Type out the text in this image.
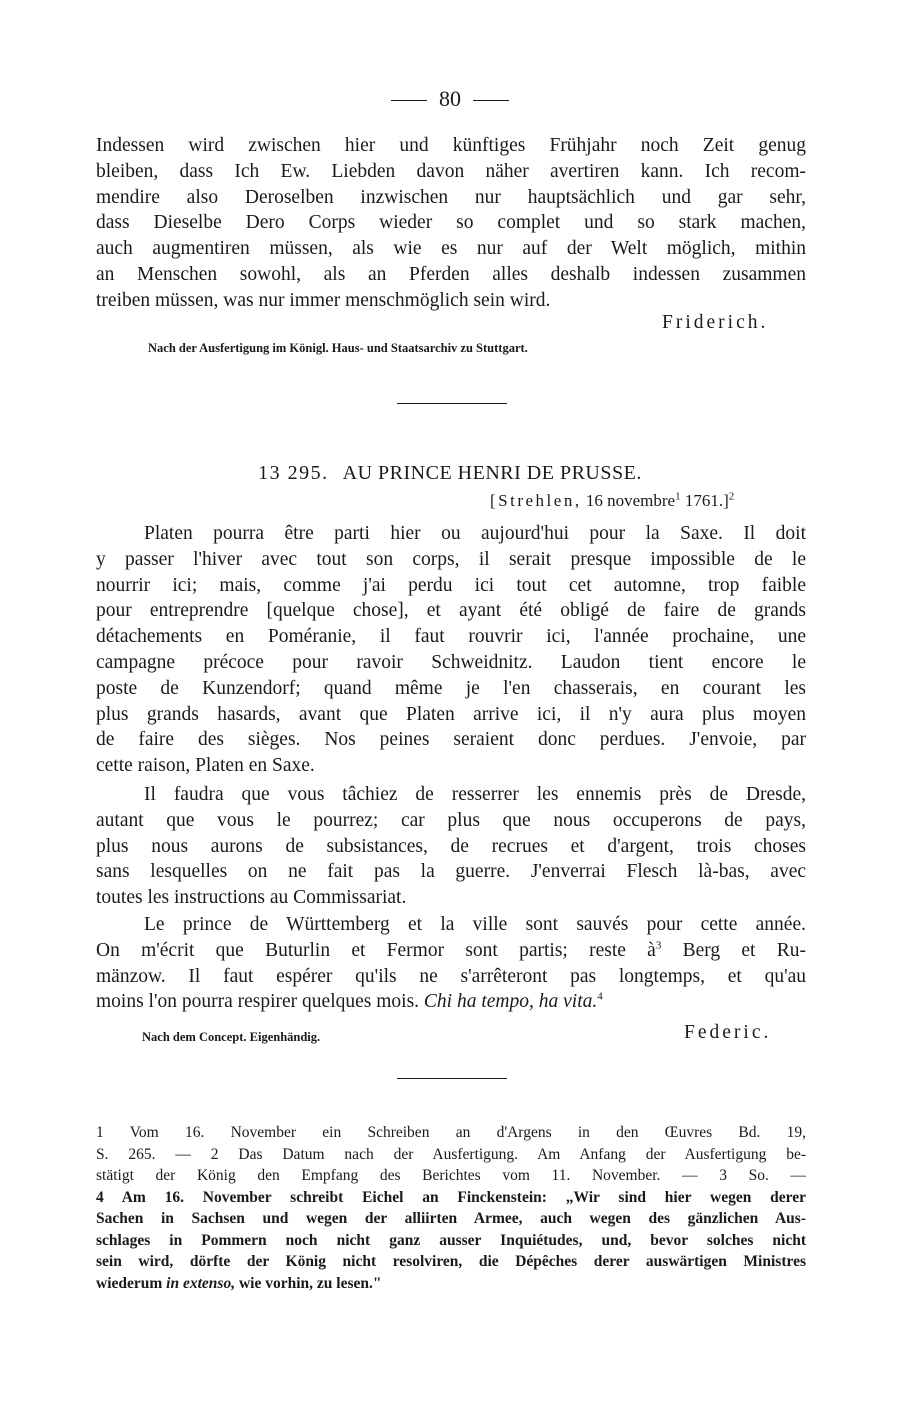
80
Indessen wird zwischen hier und künftiges Frühjahr noch Zeit genug
bleiben, dass Ich Ew. Liebden davon näher avertiren kann. Ich recom-
mendire also Deroselben inzwischen nur hauptsächlich und gar sehr,
dass Dieselbe Dero Corps wieder so complet und so stark machen,
auch augmentiren müssen, als wie es nur auf der Welt möglich, mithin
an Menschen sowohl, als an Pferden alles deshalb indessen zusammen
treiben müssen, was nur immer menschmöglich sein wird.
Friderich.
Nach der Ausfertigung im Königl. Haus- und Staatsarchiv zu Stuttgart.
13 295. AU PRINCE HENRI DE PRUSSE.
[Strehlen, 16 novembre$^1$ 1761.]$^2$
Platen pourra être parti hier ou aujourd'hui pour la Saxe. Il doit
y passer l'hiver avec tout son corps, il serait presque impossible de le
nourrir ici; mais, comme j'ai perdu ici tout cet automne, trop faible
pour entreprendre [quelque chose], et ayant été obligé de faire de grands
détachements en Poméranie, il faut rouvrir ici, l'année prochaine, une
campagne précoce pour ravoir Schweidnitz. Laudon tient encore le
poste de Kunzendorf; quand même je l'en chasserais, en courant les
plus grands hasards, avant que Platen arrive ici, il n'y aura plus moyen
de faire des sièges. Nos peines seraient donc perdues. J'envoie, par
cette raison, Platen en Saxe.
Il faudra que vous tâchiez de resserrer les ennemis près de Dresde,
autant que vous le pourrez; car plus que nous occuperons de pays,
plus nous aurons de subsistances, de recrues et d'argent, trois choses
sans lesquelles on ne fait pas la guerre. J'enverrai Flesch là-bas, avec
toutes les instructions au Commissariat.
Le prince de Württemberg et la ville sont sauvés pour cette année.
On m'écrit que Buturlin et Fermor sont partis; reste $à^3$ Berg et Ru-
mänzow. Il faut espérer qu'ils ne s'arrêteront pas longtemps, et qu'au
moins l'on pourra respirer quelques mois. Chi ha tempo, ha vita.$^4$
Nach dem Concept. Eigenhändig.	Federic.
1 Vom 16. November ein Schreiben an d'Argens in den Œuvres Bd. 19,
S. 265. — 2 Das Datum nach der Ausfertigung. Am Anfang der Ausfertigung be-
stätigt der König den Empfang des Berichtes vom 11. November. — 3 So. —
4 Am 16. November schreibt Eichel an Finckenstein: „Wir sind hier wegen derer
Sachen in Sachsen und wegen der alliirten Armee, auch wegen des gänzlichen Aus-
schlages in Pommern noch nicht ganz ausser Inquiétudes, und, bevor solches nicht
sein wird, dörfte der König nicht resolviren, die Dépêches derer auswärtigen Ministres
wiederum in extenso, wie vorhin, zu lesen."
